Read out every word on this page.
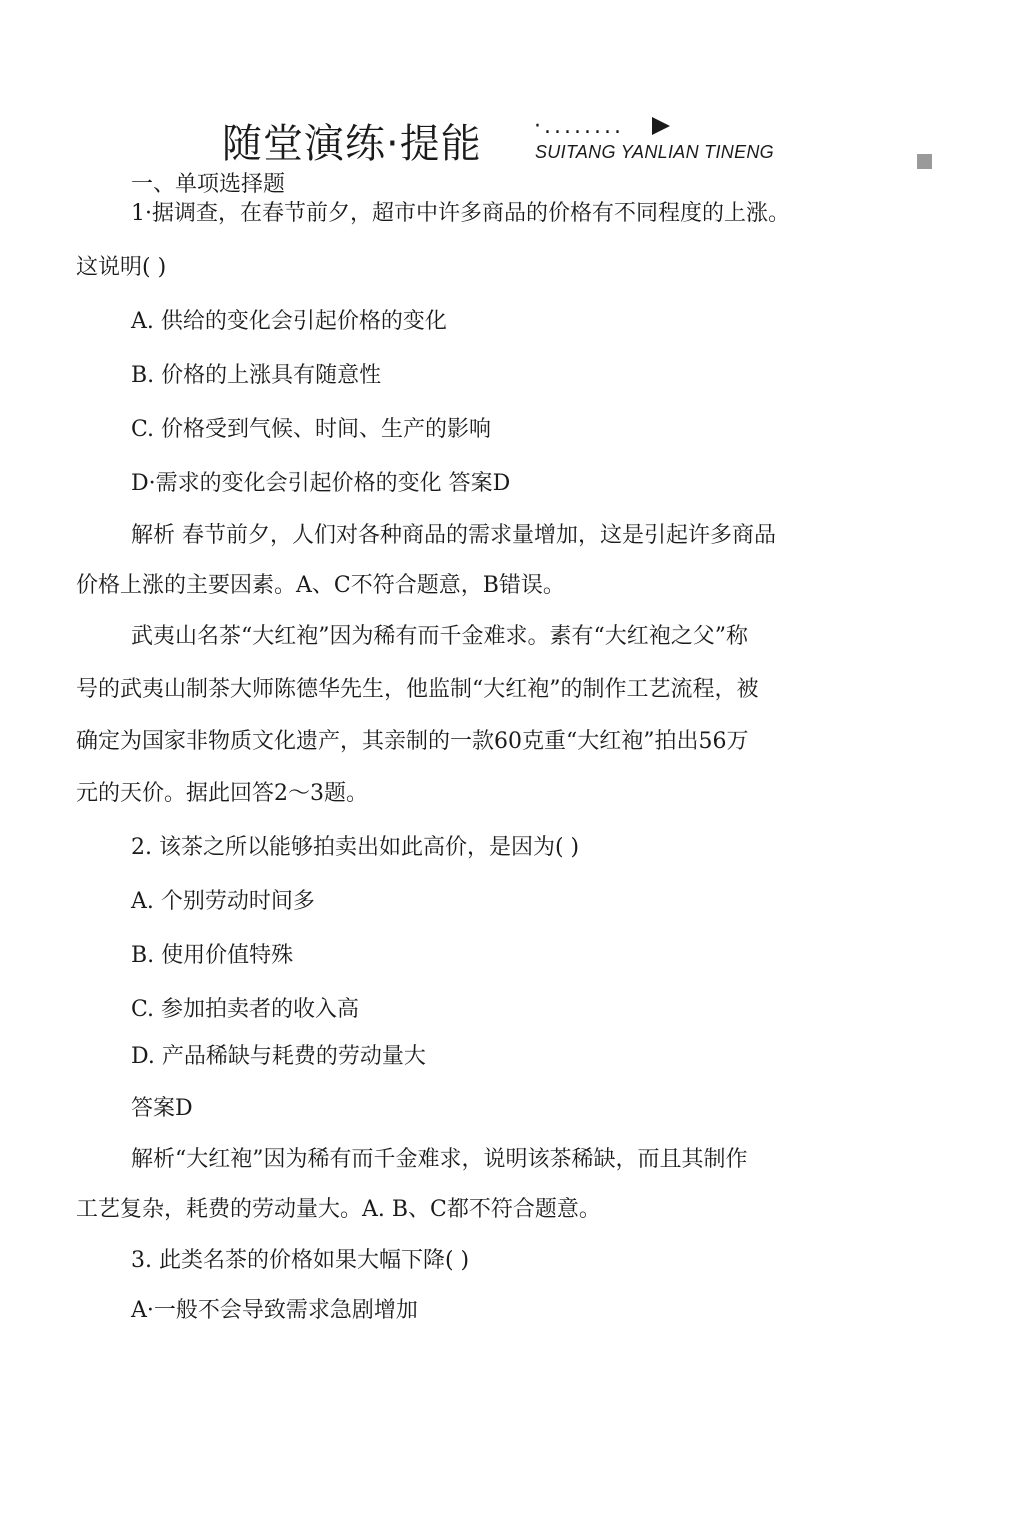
随堂演练·提能 ·........
SUITANG YANLIAN TINENG
一、单项选择题
1·据调查，在春节前夕，超市中许多商品的价格有不同程度的上涨。
这说明( )
A. 供给的变化会引起价格的变化
B. 价格的上涨具有随意性
C. 价格受到气候、时间、生产的影响
D·需求的变化会引起价格的变化 答案D
解析 春节前夕，人们对各种商品的需求量增加，这是引起许多商品
价格上涨的主要因素。A、C不符合题意，B错误。
武夷山名茶“大红袍”因为稀有而千金难求。素有“大红袍之父”称
号的武夷山制茶大师陈德华先生，他监制“大红袍”的制作工艺流程，被
确定为国家非物质文化遗产，其亲制的一款60克重“大红袍”拍出56万
元的天价。据此回答2～3题。
2. 该茶之所以能够拍卖出如此高价，是因为( )
A. 个别劳动时间多
B. 使用价值特殊
C. 参加拍卖者的收入高
D. 产品稀缺与耗费的劳动量大
答案D
解析“大红袍”因为稀有而千金难求，说明该茶稀缺，而且其制作
工艺复杂，耗费的劳动量大。A. B、C都不符合题意。
3. 此类名茶的价格如果大幅下降( )
A·一般不会导致需求急剧增加
